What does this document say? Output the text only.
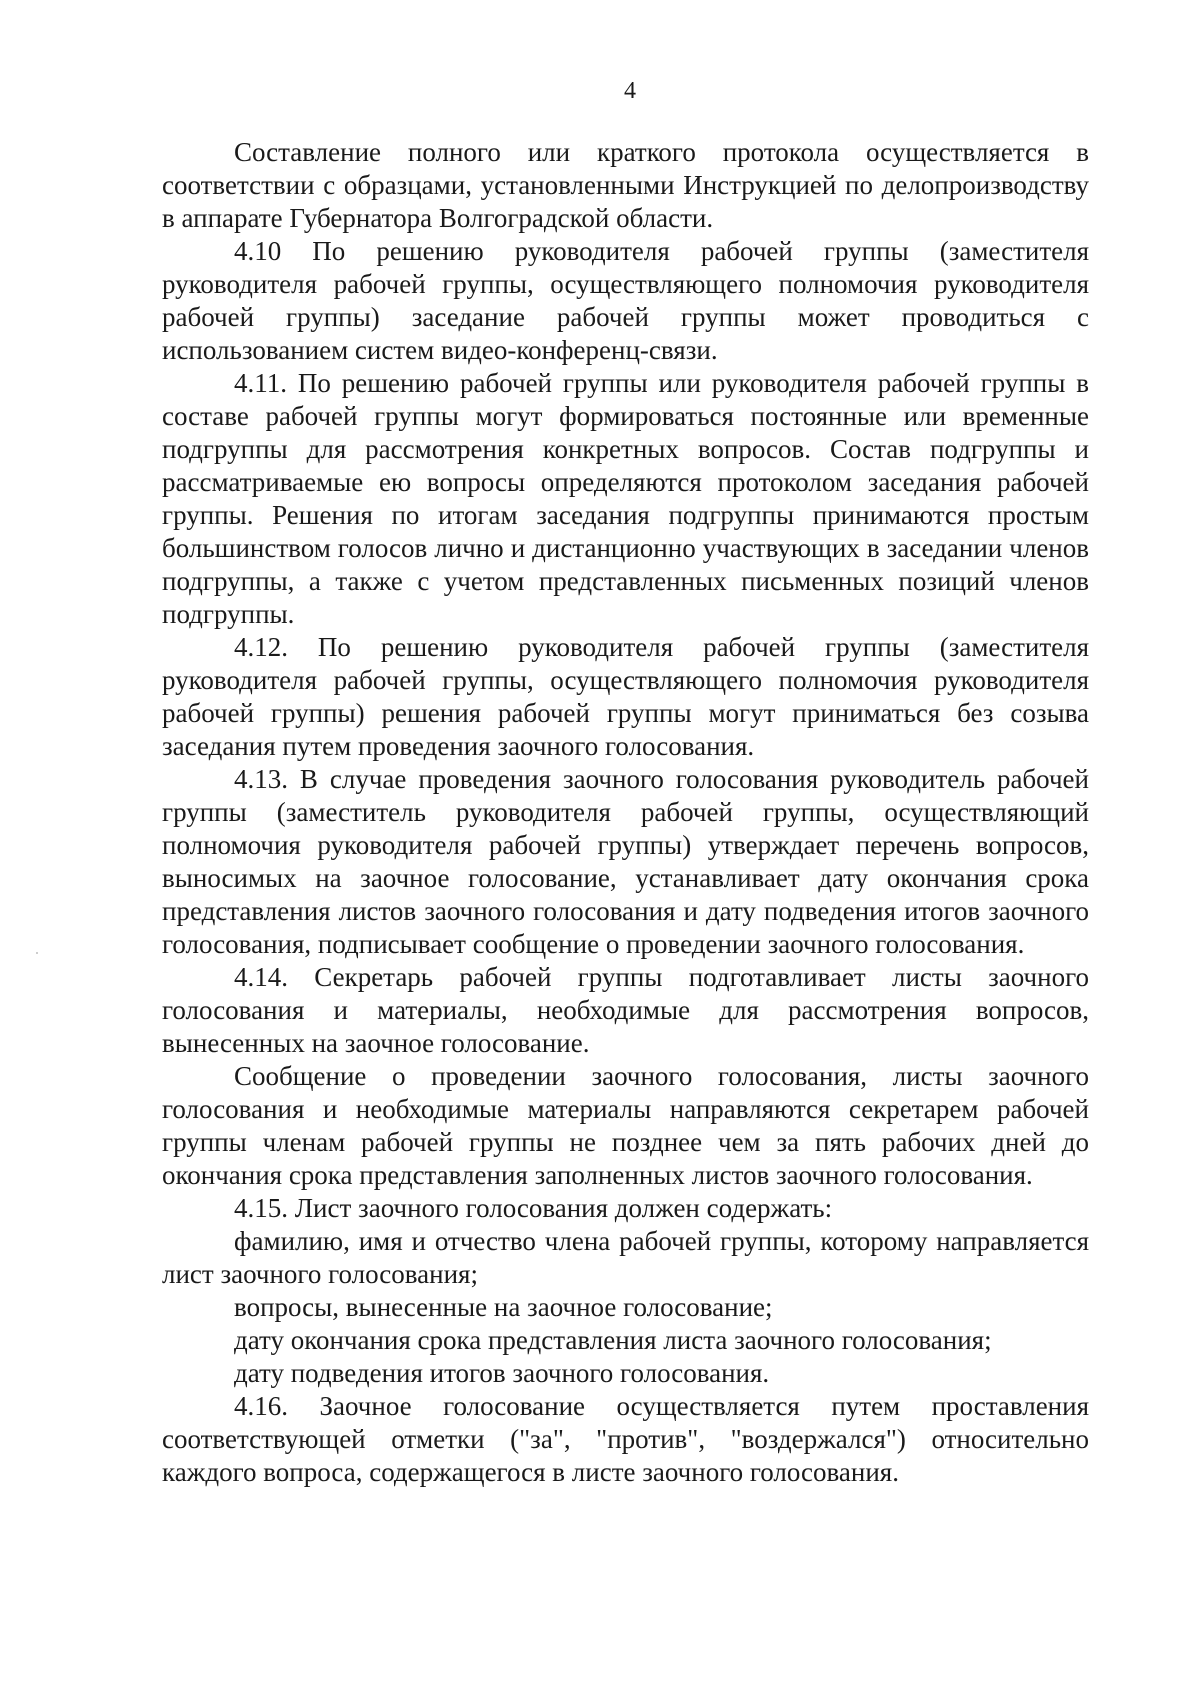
4

Составление полного или краткого протокола осуществляется в соответствии с образцами, установленными Инструкцией по делопроизводству в аппарате Губернатора Волгоградской области.

4.10 По решению руководителя рабочей группы (заместителя руководителя рабочей группы, осуществляющего полномочия руководителя рабочей группы) заседание рабочей группы может проводиться с использованием систем видео-конференц-связи.

4.11. По решению рабочей группы или руководителя рабочей группы в составе рабочей группы могут формироваться постоянные или временные подгруппы для рассмотрения конкретных вопросов. Состав подгруппы и рассматриваемые ею вопросы определяются протоколом заседания рабочей группы. Решения по итогам заседания подгруппы принимаются простым большинством голосов лично и дистанционно участвующих в заседании членов подгруппы, а также с учетом представленных письменных позиций членов подгруппы.

4.12. По решению руководителя рабочей группы (заместителя руководителя рабочей группы, осуществляющего полномочия руководителя рабочей группы) решения рабочей группы могут приниматься без созыва заседания путем проведения заочного голосования.

4.13. В случае проведения заочного голосования руководитель рабочей группы (заместитель руководителя рабочей группы, осуществляющий полномочия руководителя рабочей группы) утверждает перечень вопросов, выносимых на заочное голосование, устанавливает дату окончания срока представления листов заочного голосования и дату подведения итогов заочного голосования, подписывает сообщение о проведении заочного голосования.

4.14. Секретарь рабочей группы подготавливает листы заочного голосования и материалы, необходимые для рассмотрения вопросов, вынесенных на заочное голосование.

Сообщение о проведении заочного голосования, листы заочного голосования и необходимые материалы направляются секретарем рабочей группы членам рабочей группы не позднее чем за пять рабочих дней до окончания срока представления заполненных листов заочного голосования.

4.15. Лист заочного голосования должен содержать:

фамилию, имя и отчество члена рабочей группы, которому направляется лист заочного голосования;

вопросы, вынесенные на заочное голосование;

дату окончания срока представления листа заочного голосования;

дату подведения итогов заочного голосования.

4.16. Заочное голосование осуществляется путем проставления соответствующей отметки ("за", "против", "воздержался") относительно каждого вопроса, содержащегося в листе заочного голосования.
